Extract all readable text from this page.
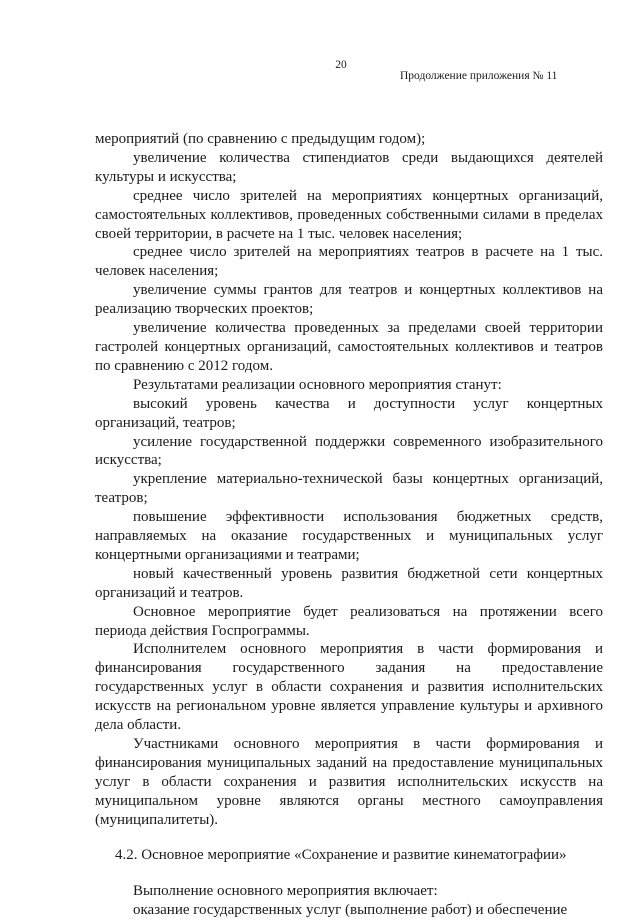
20
Продолжение приложения № 11

мероприятий (по сравнению с предыдущим годом);

увеличение количества стипендиатов среди выдающихся деятелей культуры и искусства;

среднее число зрителей на мероприятиях концертных организаций, самостоятельных коллективов, проведенных собственными силами в пределах своей территории, в расчете на 1 тыс. человек населения;

среднее число зрителей на мероприятиях театров в расчете на 1 тыс. человек населения;

увеличение суммы грантов для театров и концертных коллективов на реализацию творческих проектов;

увеличение количества проведенных за пределами своей территории гастролей концертных организаций, самостоятельных коллективов и театров по сравнению с 2012 годом.

Результатами реализации основного мероприятия станут:

высокий уровень качества и доступности услуг концертных организаций, театров;

усиление государственной поддержки современного изобразительного искусства;

укрепление материально-технической базы концертных организаций, театров;

повышение эффективности использования бюджетных средств, направляемых на оказание государственных и муниципальных услуг концертными организациями и театрами;

новый качественный уровень развития бюджетной сети концертных организаций и театров.

Основное мероприятие будет реализоваться на протяжении всего периода действия Госпрограммы.

Исполнителем основного мероприятия в части формирования и финансирования государственного задания на предоставление государственных услуг в области сохранения и развития исполнительских искусств на региональном уровне является управление культуры и архивного дела области.

Участниками основного мероприятия в части формирования и финансирования муниципальных заданий на предоставление муниципальных услуг в области сохранения и развития исполнительских искусств на муниципальном уровне являются органы местного самоуправления (муниципалитеты).

4.2. Основное мероприятие «Сохранение и развитие кинематографии»

Выполнение основного мероприятия включает:

оказание государственных услуг (выполнение работ) и обеспечение
